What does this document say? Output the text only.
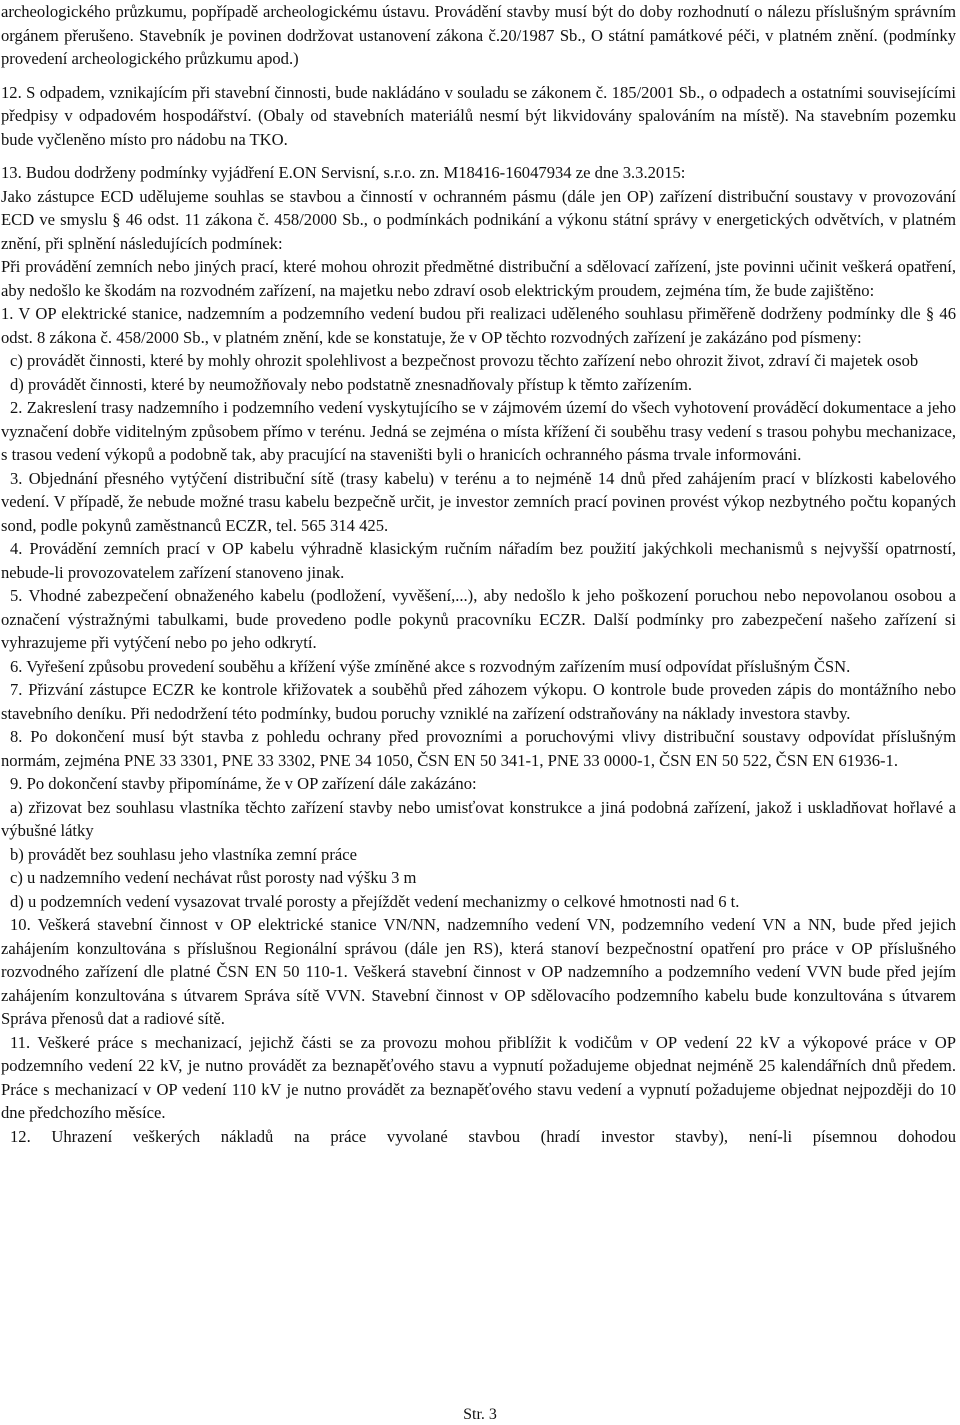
archeologického průzkumu, popřípadě archeologickému ústavu. Provádění stavby musí být do doby rozhodnutí o nálezu příslušným správním orgánem přerušeno. Stavebník je povinen dodržovat ustanovení zákona č.20/1987 Sb., O státní památkové péči, v platném znění. (podmínky provedení archeologického průzkumu apod.)

12. S odpadem, vznikajícím při stavební činnosti, bude nakládáno v souladu se zákonem č. 185/2001 Sb., o odpadech a ostatními souvisejícími předpisy v odpadovém hospodářství. (Obaly od stavebních materiálů nesmí být likvidovány spalováním na místě). Na stavebním pozemku bude vyčleněno místo pro nádobu na TKO.

13. Budou dodrženy podmínky vyjádření E.ON Servisní, s.r.o. zn. M18416-16047934 ze dne 3.3.2015:

Jako zástupce ECD udělujeme souhlas se stavbou a činností v ochranném pásmu (dále jen OP) zařízení distribuční soustavy v provozování ECD ve smyslu § 46 odst. 11 zákona č. 458/2000 Sb., o podmínkách podnikání a výkonu státní správy v energetických odvětvích, v platném znění, při splnění následujících podmínek:

Při provádění zemních nebo jiných prací, které mohou ohrozit předmětné distribuční a sdělovací zařízení, jste povinni učinit veškerá opatření, aby nedošlo ke škodám na rozvodném zařízení, na majetku nebo zdraví osob elektrickým proudem, zejména tím, že bude zajištěno:

1. V OP elektrické stanice, nadzemním a podzemního vedení budou při realizaci uděleného souhlasu přiměřeně dodrženy podmínky dle § 46 odst. 8 zákona č. 458/2000 Sb., v platném znění, kde se konstatuje, že v OP těchto rozvodných zařízení je zakázáno pod písmeny:

c) provádět činnosti, které by mohly ohrozit spolehlivost a bezpečnost provozu těchto zařízení nebo ohrozit život, zdraví či majetek osob

d) provádět činnosti, které by neumožňovaly nebo podstatně znesnadňovaly přístup k těmto zařízením.

2. Zakreslení trasy nadzemního i podzemního vedení vyskytujícího se v zájmovém území do všech vyhotovení prováděcí dokumentace a jeho vyznačení dobře viditelným způsobem přímo v terénu. Jedná se zejména o místa křížení či souběhu trasy vedení s trasou pohybu mechanizace, s trasou vedení výkopů a podobně tak, aby pracující na staveništi byli o hranicích ochranného pásma trvale informováni.

3. Objednání přesného vytýčení distribuční sítě (trasy kabelu) v terénu a to nejméně 14 dnů před zahájením prací v blízkosti kabelového vedení. V případě, že nebude možné trasu kabelu bezpečně určit, je investor zemních prací povinen provést výkop nezbytného počtu kopaných sond, podle pokynů zaměstnanců ECZR, tel. 565 314 425.

4. Provádění zemních prací v OP kabelu výhradně klasickým ručním nářadím bez použití jakýchkoli mechanismů s nejvyšší opatrností, nebude-li provozovatelem zařízení stanoveno jinak.

5. Vhodné zabezpečení obnaženého kabelu (podložení, vyvěšení,...), aby nedošlo k jeho poškození poruchou nebo nepovolanou osobou a označení výstražnými tabulkami, bude provedeno podle pokynů pracovníku ECZR. Další podmínky pro zabezpečení našeho zařízení si vyhrazujeme při vytýčení nebo po jeho odkrytí.

6. Vyřešení způsobu provedení souběhu a křížení výše zmíněné akce s rozvodným zařízením musí odpovídat příslušným ČSN.

7. Přizvání zástupce ECZR ke kontrole křižovatek a souběhů před záhozem výkopu. O kontrole bude proveden zápis do montážního nebo stavebního deníku. Při nedodržení této podmínky, budou poruchy vzniklé na zařízení odstraňovány na náklady investora stavby.

8. Po dokončení musí být stavba z pohledu ochrany před provozními a poruchovými vlivy distribuční soustavy odpovídat příslušným normám, zejména PNE 33 3301, PNE 33 3302, PNE 34 1050, ČSN EN 50 341-1, PNE 33 0000-1, ČSN EN 50 522, ČSN EN 61936-1.

9. Po dokončení stavby připomínáme, že v OP zařízení dále zakázáno:

a) zřizovat bez souhlasu vlastníka těchto zařízení stavby nebo umisťovat konstrukce a jiná podobná zařízení, jakož i uskladňovat hořlavé a výbušné látky

b) provádět bez souhlasu jeho vlastníka zemní práce

c) u nadzemního vedení nechávat růst porosty nad výšku 3 m

d) u podzemních vedení vysazovat trvalé porosty a přejíždět vedení mechanizmy o celkové hmotnosti nad 6 t.

10. Veškerá stavební činnost v OP elektrické stanice VN/NN, nadzemního vedení VN, podzemního vedení VN a NN, bude před jejich zahájením konzultována s příslušnou Regionální správou (dále jen RS), která stanoví bezpečnostní opatření pro práce v OP příslušného rozvodného zařízení dle platné ČSN EN 50 110-1. Veškerá stavební činnost v OP nadzemního a podzemního vedení VVN bude před jejím zahájením konzultována s útvarem Správa sítě VVN. Stavební činnost v OP sdělovacího podzemního kabelu bude konzultována s útvarem Správa přenosů dat a radiové sítě.

11. Veškeré práce s mechanizací, jejichž části se za provozu mohou přiblížit k vodičům v OP vedení 22 kV a výkopové práce v OP podzemního vedení 22 kV, je nutno provádět za beznapěťového stavu a vypnutí požadujeme objednat nejméně 25 kalendářních dnů předem. Práce s mechanizací v OP vedení 110 kV je nutno provádět za beznapěťového stavu vedení a vypnutí požadujeme objednat nejpozději do 10 dne předchozího měsíce.

12. Uhrazení veškerých nákladů na práce vyvolané stavbou (hradí investor stavby), není-li písemnou dohodou

Str. 3
